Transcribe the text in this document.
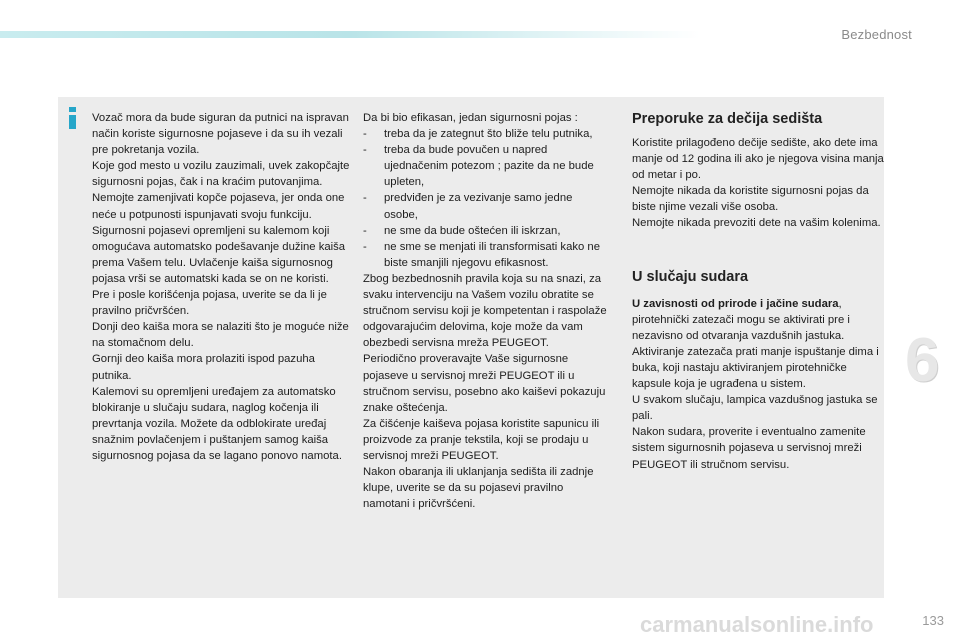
Bezbednost

Vozač mora da bude siguran da putnici na ispravan način koriste sigurnosne pojaseve i da su ih vezali pre pokretanja vozila.

Koje god mesto u vozilu zauzimali, uvek zakopčajte sigurnosni pojas, čak i na kraćim putovanjima.

Nemojte zamenjivati kopče pojaseva, jer onda one neće u potpunosti ispunjavati svoju funkciju.

Sigurnosni pojasevi opremljeni su kalemom koji omogućava automatsko podešavanje dužine kaiša prema Vašem telu. Uvlačenje kaiša sigurnosnog pojasa vrši se automatski kada se on ne koristi.

Pre i posle korišćenja pojasa, uverite se da li je pravilno pričvršćen.

Donji deo kaiša mora se nalaziti što je moguće niže na stomačnom delu.

Gornji deo kaiša mora prolaziti ispod pazuha putnika.

Kalemovi su opremljeni uređajem za automatsko blokiranje u slučaju sudara, naglog kočenja ili prevrtanja vozila. Možete da odblokirate uređaj snažnim povlačenjem i puštanjem samog kaiša sigurnosnog pojasa da se lagano ponovo namota.

Da bi bio efikasan, jedan sigurnosni pojas :

- treba da je zategnut što bliže telu putnika,
- treba da bude povučen u napred ujednačenim potezom ; pazite da ne bude upleten,
- predviđen je za vezivanje samo jedne osobe,
- ne sme da bude oštećen ili iskrzan,
- ne sme se menjati ili transformisati kako ne biste smanjili njegovu efikasnost.

Zbog bezbednosnih pravila koja su na snazi, za svaku intervenciju na Vašem vozilu obratite se stručnom servisu koji je kompetentan i raspolaže odgovarajućim delovima, koje može da vam obezbedi servisna mreža PEUGEOT.

Periodično proveravajte Vaše sigurnosne pojaseve u servisnoj mreži PEUGEOT ili u stručnom servisu, posebno ako kaiševi pokazuju znake oštećenja.

Za čišćenje kaiševa pojasa koristite sapunicu ili proizvode za pranje tekstila, koji se prodaju u servisnoj mreži PEUGEOT.

Nakon obaranja ili uklanjanja sedišta ili zadnje klupe, uverite se da su pojasevi pravilno namotani i pričvršćeni.

Preporuke za dečija sedišta

Koristite prilagođeno dečije sedište, ako dete ima manje od 12 godina ili ako je njegova visina manja od metar i po.

Nemojte nikada da koristite sigurnosni pojas da biste njime vezali više osoba.

Nemojte nikada prevoziti dete na vašim kolenima.

U slučaju sudara

U zavisnosti od prirode i jačine sudara, pirotehnički zatezači mogu se aktivirati pre i nezavisno od otvaranja vazdušnih jastuka.

Aktiviranje zatezača prati manje ispuštanje dima i buka, koji nastaju aktiviranjem pirotehničke kapsule koja je ugrađena u sistem.

U svakom slučaju, lampica vazdušnog jastuka se pali.

Nakon sudara, proverite i eventualno zamenite sistem sigurnosnih pojaseva u servisnoj mreži PEUGEOT ili stručnom servisu.

6
carmanualsonline.info	133
